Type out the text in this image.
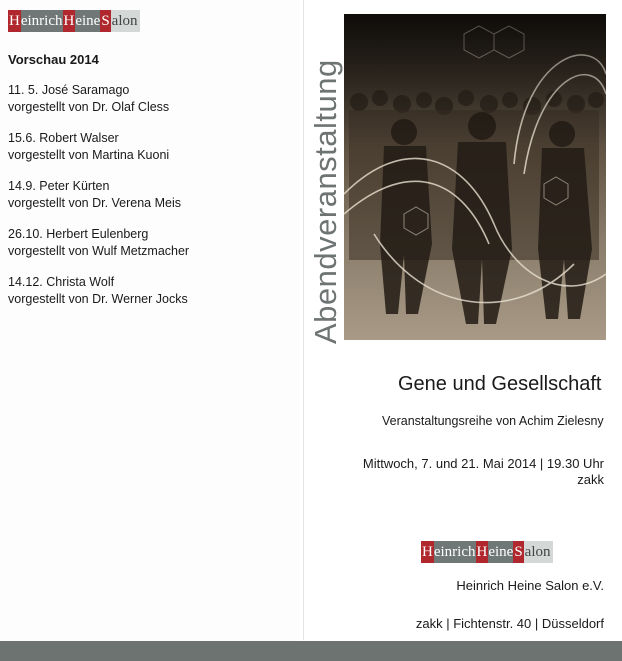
H einrich H eine S alon
Vorschau 2014
11. 5. José Saramago
vorgestellt von Dr. Olaf Cless
15.6. Robert Walser
vorgestellt von Martina Kuoni
14.9. Peter Kürten
vorgestellt von Dr. Verena Meis
26.10. Herbert Eulenberg
vorgestellt von Wulf Metzmacher
14.12. Christa Wolf
vorgestellt von Dr. Werner Jocks	Abendveranstaltung
Gene und Gesellschaft
Veranstaltungsreihe von Achim Zielesny
Mittwoch, 7. und 21. Mai 2014 | 19.30 Uhr
zakk
H einrich H eine S alon
Heinrich Heine Salon e.V.
zakk | Fichtenstr. 40 | Düsseldorf
